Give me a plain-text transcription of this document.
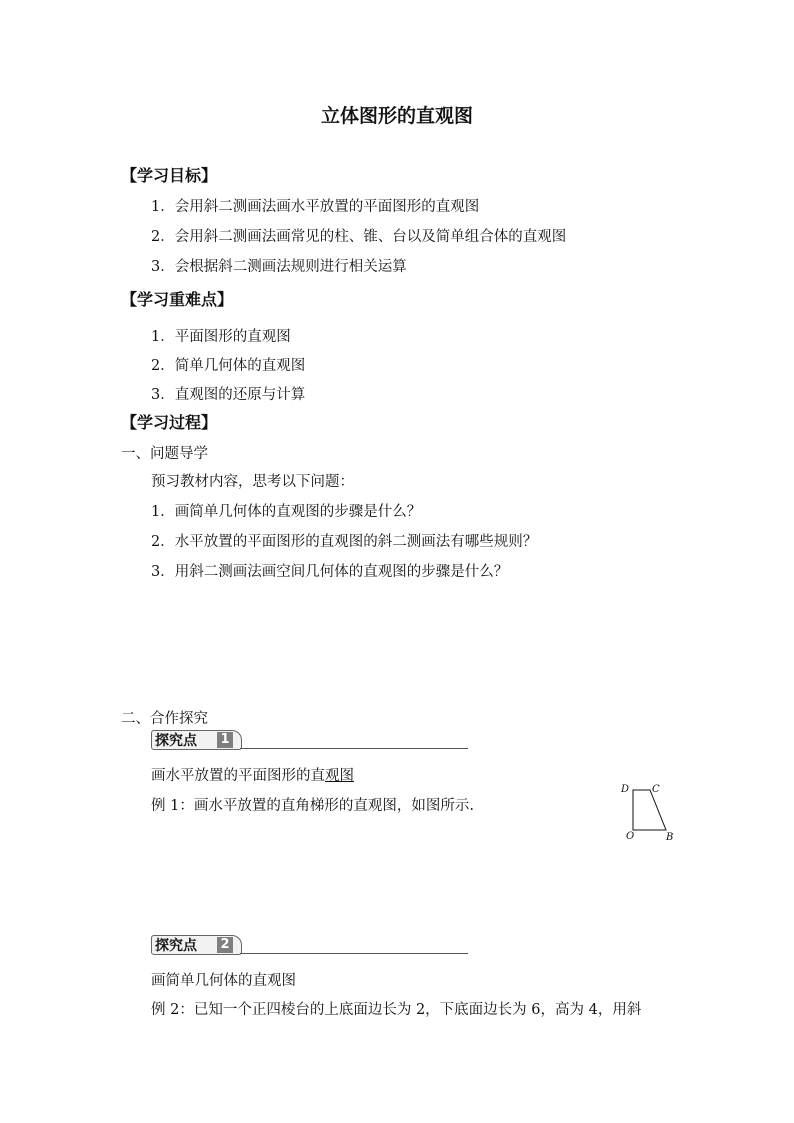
立体图形的直观图
【学习目标】
1．会用斜二测画法画水平放置的平面图形的直观图
2．会用斜二测画法画常见的柱、锥、台以及简单组合体的直观图
3．会根据斜二测画法规则进行相关运算
【学习重难点】
1．平面图形的直观图
2．简单几何体的直观图
3．直观图的还原与计算
【学习过程】
一、问题导学
预习教材内容，思考以下问题：
1．画简单几何体的直观图的步骤是什么？
2．水平放置的平面图形的直观图的斜二测画法有哪些规则？
3．用斜二测画法画空间几何体的直观图的步骤是什么？
二、合作探究
探究点 1
画水平放置的平面图形的直观图
例 1：画水平放置的直角梯形的直观图，如图所示.
D C
O	B
探究点 2
画简单几何体的直观图
例 2：已知一个正四棱台的上底面边长为 2，下底面边长为 6，高为 4，用斜
